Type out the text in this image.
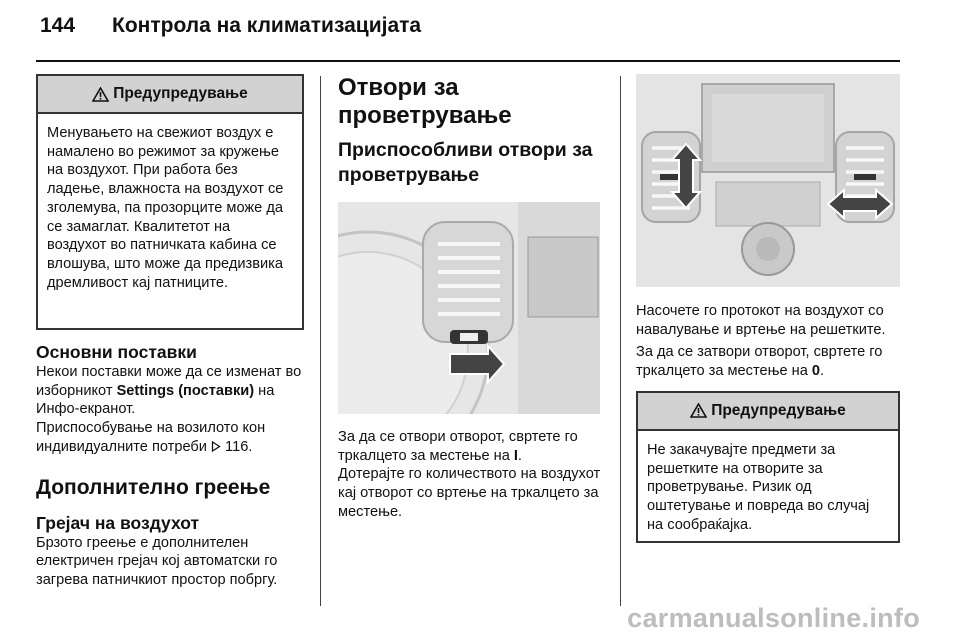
144 Контрола на климатизацијата
Предупредување
Менувањето на свежиот воздух е намалено во режимот за кружење на воздухот. При работа без ладење, влажноста на воздухот се зголемува, па прозорците може да се замаглат. Квалитетот на воздухот во патничката кабина се влошува, што може да предизвика дремливост кај патниците.
Основни поставки

Некои поставки може да се изменат во изборникот Settings (поставки) на Инфо-екранот.

Приспособување на возилото кон индивидуалните потреби  116.

Дополнително греење
Грејач на воздухот

Брзото греење е дополнителен електричен грејач кој автоматски го загрева патничкиот простор побргу.

Отвори за проветрување
Приспособливи отвори за проветрување

За да се отвори отворот, свртете го тркалцето за местење на I.

Дотерајте го количеството на воздухот кај отворот со вртење на тркалцето за местење.

Насочете го протокот на воздухот со навалување и вртење на решетките.

За да се затвори отворот, свртете го тркалцето за местење на 0.

Предупредување
Не закачувајте предмети за решетките на отворите за проветрување. Ризик од оштетување и повреда во случај на сообраќајка.
carmanualsonline.info
